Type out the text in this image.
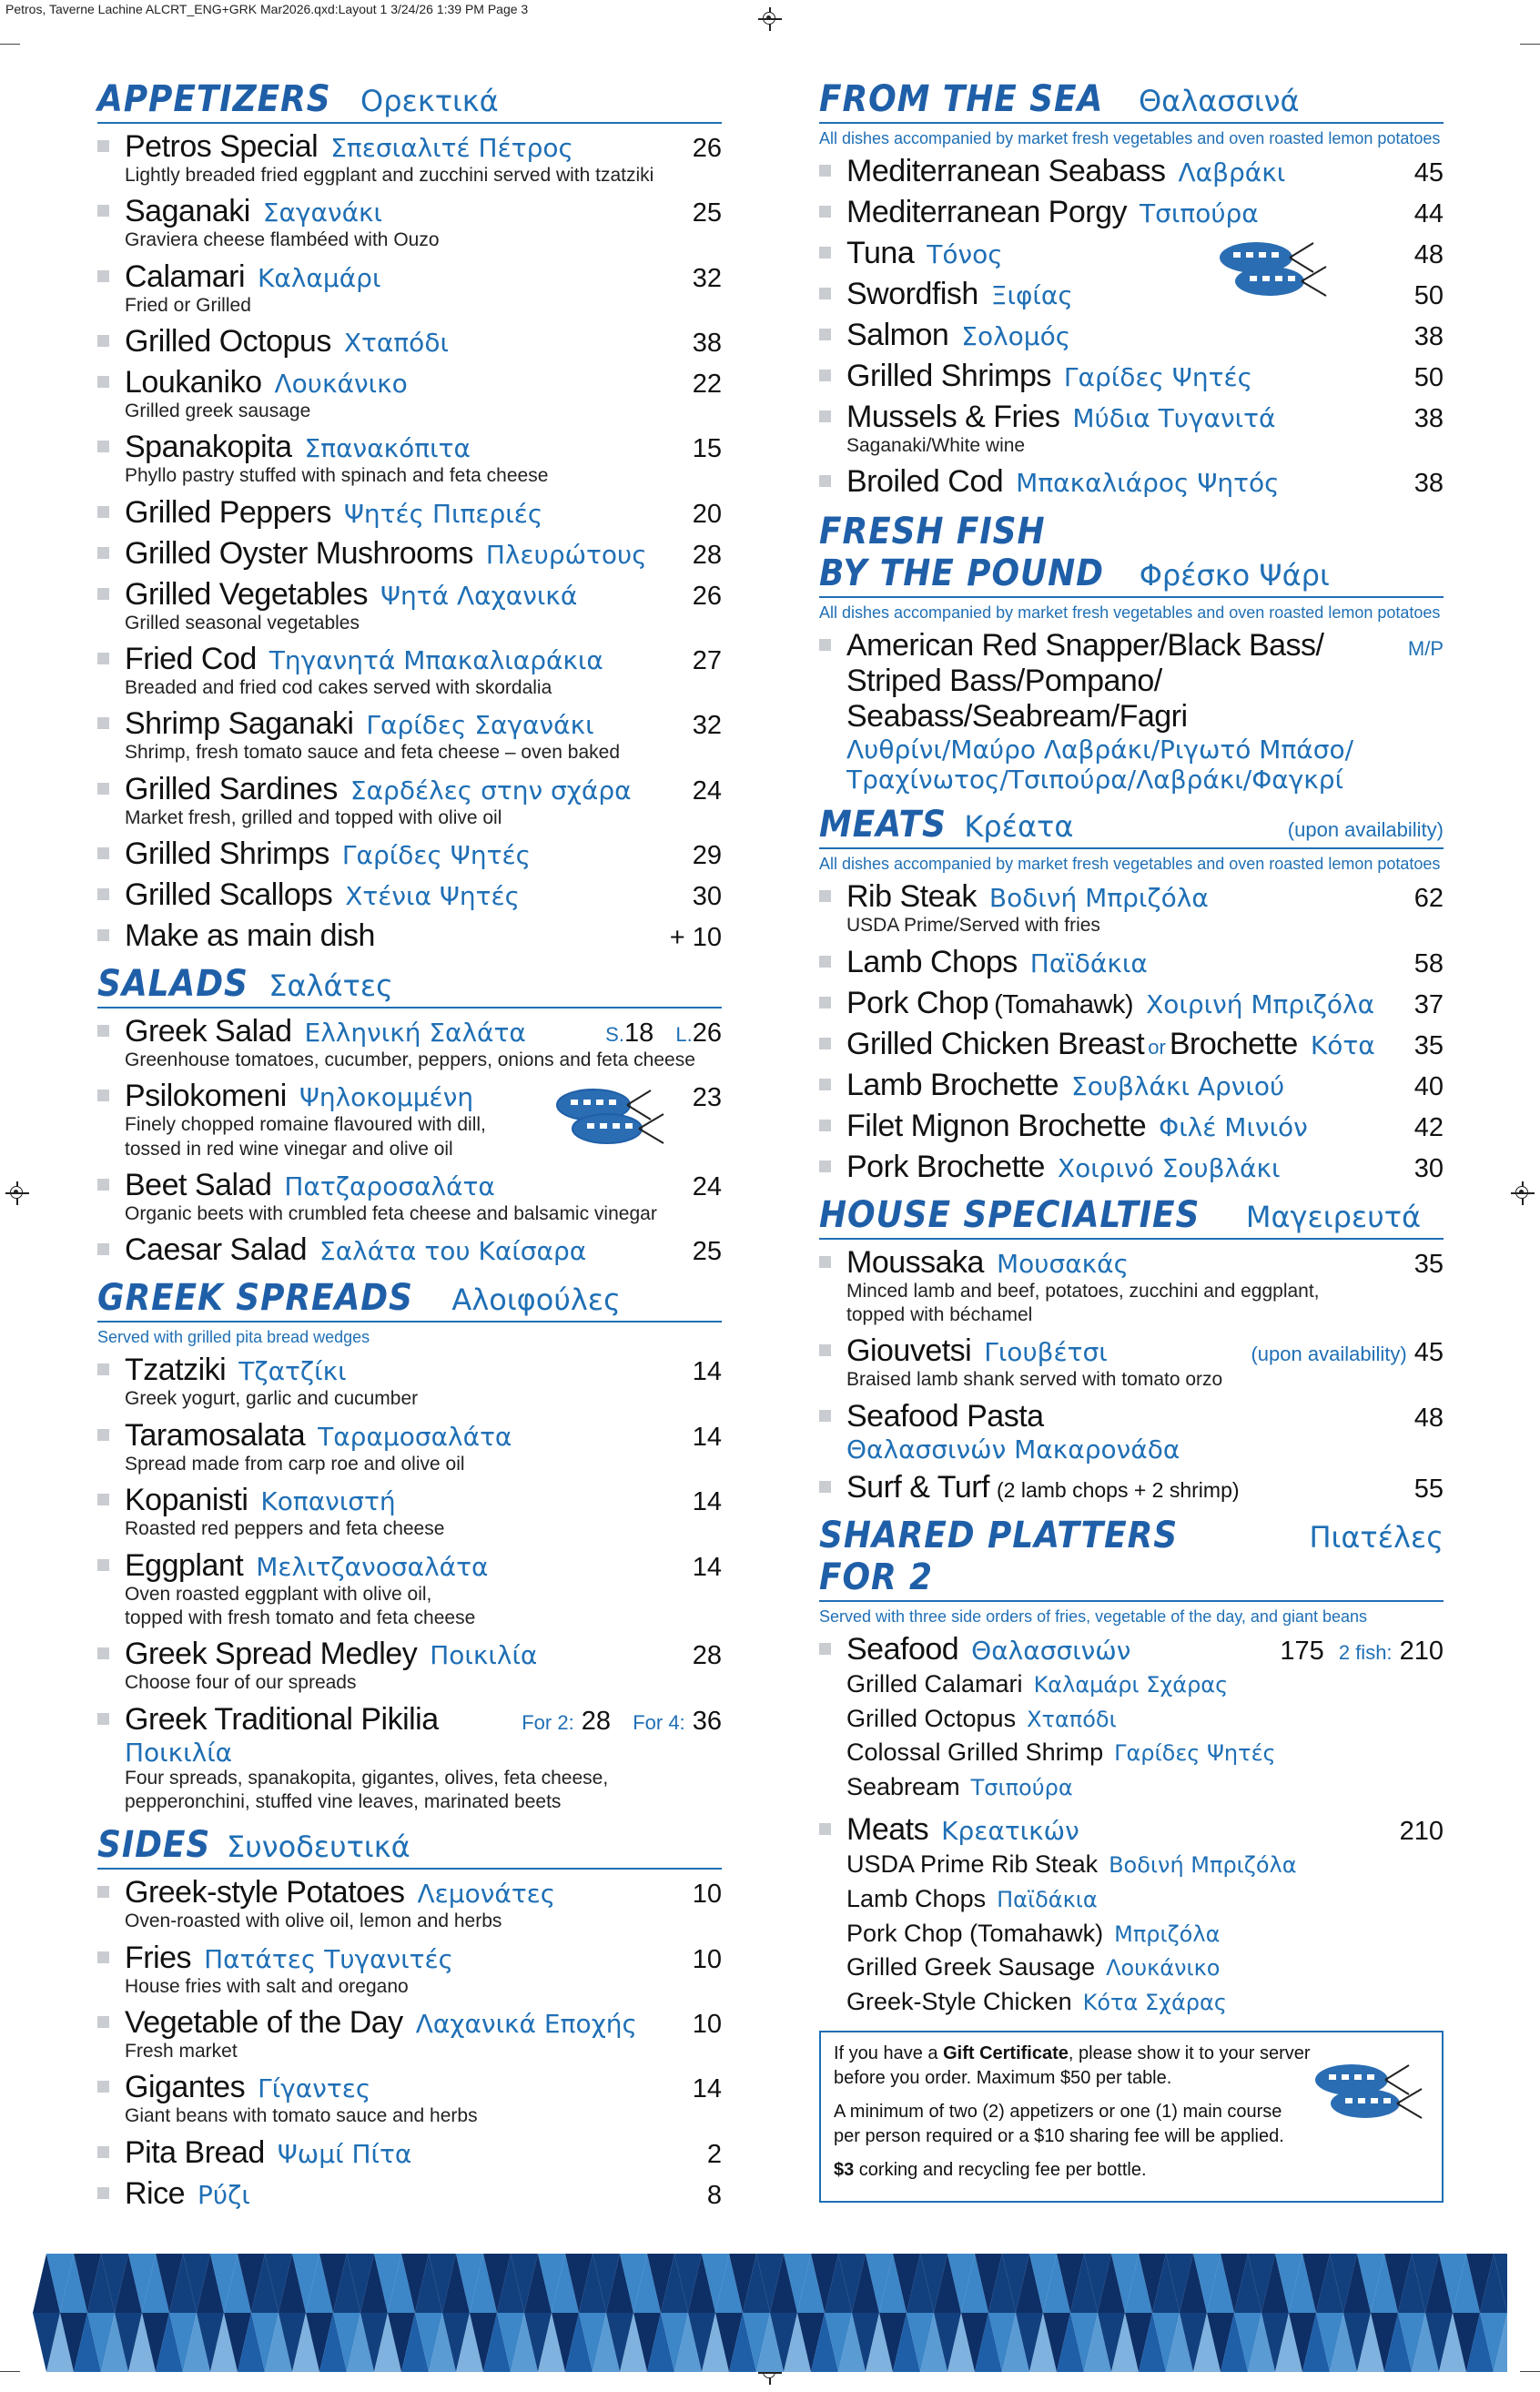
Petros, Taverne Lachine ALCRT_ENG+GRK Mar2026.qxd:Layout 1 3/24/26 1:39 PM Page 3
APPETIZERS Ορεκτικά
Petros Special Σπεσιαλιτέ Πέτρος	26
Lightly breaded fried eggplant and zucchini served with tzatziki
Saganaki Σαγανάκι	25
Graviera cheese flambéed with Ouzo
Calamari Καλαμάρι	32
Fried or Grilled
Grilled Octopus Χταπόδι	38
Loukaniko Λουκάνικο	22
Grilled greek sausage
Spanakopita Σπανακόπιτα	15
Phyllo pastry stuffed with spinach and feta cheese
Grilled Peppers Ψητές Πιπεριές	20
Grilled Oyster Mushrooms Πλευρώτους 28
Grilled Vegetables Ψητά Λαχανικά	26
Grilled seasonal vegetables
Fried Cod Τηγανητά Μπακαλιαράκια	27
Breaded and fried cod cakes served with skordalia
Shrimp Saganaki Γαρίδες Σαγανάκι	32
Shrimp, fresh tomato sauce and feta cheese – oven baked
Grilled Sardines Σαρδέλες στην σχάρα 24
Market fresh, grilled and topped with olive oil
Grilled Shrimps Γαρίδες Ψητές	29
Grilled Scallops Χτένια Ψητές	30
Make as main dish	+ 10
SALADS Σαλάτες
Greek Salad Ελληνική Σαλάτα	S.18 L.26
Greenhouse tomatoes, cucumber, peppers, onions and feta cheese
Psilokomeni Ψηλοκομμένη	23
Finely chopped romaine flavoured with dill,
tossed in red wine vinegar and olive oil
Beet Salad Πατζαροσαλάτα	24
Organic beets with crumbled feta cheese and balsamic vinegar
Caesar Salad Σαλάτα του Καίσαρα	25
GREEK SPREADS Αλοιφούλες
Served with grilled pita bread wedges
Tzatziki Τζατζίκι	14
Greek yogurt, garlic and cucumber
Taramosalata Ταραμοσαλάτα	14
Spread made from carp roe and olive oil
Kopanisti Κοπανιστή	14
Roasted red peppers and feta cheese
Eggplant Μελιτζανοσαλάτα	14
Oven roasted eggplant with olive oil,
topped with fresh tomato and feta cheese
Greek Spread Medley Ποικιλία	28
Choose four of our spreads
Greek Traditional Pikilia	For 2: 28 For 4: 36
Ποικιλία
Four spreads, spanakopita, gigantes, olives, feta cheese,
pepperonchini, stuffed vine leaves, marinated beets
SIDES Συνοδευτικά
Greek-style Potatoes Λεμονάτες	10
Oven-roasted with olive oil, lemon and herbs
Fries Πατάτες Τυγανιτές	10
House fries with salt and oregano
Vegetable of the Day Λαχανικά Εποχής 10
Fresh market
Gigantes Γίγαντες	14
Giant beans with tomato sauce and herbs
Pita Bread Ψωμί Πίτα	2
Rice Ρύζι	8
FROM THE SEA Θαλασσινά
All dishes accompanied by market fresh vegetables and oven roasted lemon potatoes
Mediterranean Seabass Λαβράκι	45
Mediterranean Porgy Τσιπούρα	44
Tuna Τόνος	48
Swordfish Ξιφίας	50
Salmon Σολομός	38
Grilled Shrimps Γαρίδες Ψητές	50
Mussels & Fries Μύδια Τυγανιτά	38
Saganaki/White wine
Broiled Cod Μπακαλιάρος Ψητός	38
FRESH FISH
BY THE POUND Φρέσκο Ψάρι
All dishes accompanied by market fresh vegetables and oven roasted lemon potatoes
American Red Snapper/Black Bass/	M/P
Striped Bass/Pompano/
Seabass/Seabream/Fagri
Λυθρίνι/Μαύρο Λαβράκι/Ριγωτό Μπάσο/
Τραχίνωτος/Τσιπούρα/Λαβράκι/Φαγκρί
MEATS Κρέατα	(upon availability)
All dishes accompanied by market fresh vegetables and oven roasted lemon potatoes
Rib Steak Βοδινή Μπριζόλα	62
USDA Prime/Served with fries
Lamb Chops Παϊδάκια	58
Pork Chop (Tomahawk) Χοιρινή Μπριζόλα 37
Grilled Chicken Breast or Brochette Κότα 35
Lamb Brochette Σουβλάκι Αρνιού	40
Filet Mignon Brochette Φιλέ Μινιόν	42
Pork Brochette Χοιρινό Σουβλάκι	30
HOUSE SPECIALTIES Μαγειρευτά
Moussaka Μουσακάς	35
Minced lamb and beef, potatoes, zucchini and eggplant,
topped with béchamel
Giouvetsi Γιουβέτσι	(upon availability) 45
Braised lamb shank served with tomato orzo
Seafood Pasta	48
Θαλασσινών Μακαρονάδα
Surf & Turf (2 lamb chops + 2 shrimp)	55
SHARED PLATTERS FOR 2
Πιατέλες
Served with three side orders of fries, vegetable of the day, and giant beans
Seafood Θαλασσινών	175 2 fish: 210
Grilled Calamari Καλαμάρι Σχάρας
Grilled Octopus Χταπόδι
Colossal Grilled Shrimp Γαρίδες Ψητές
Seabream Τσιπούρα
Meats Κρεατικών	210
USDA Prime Rib Steak Βοδινή Μπριζόλα
Lamb Chops Παϊδάκια
Pork Chop (Tomahawk) Μπριζόλα
Grilled Greek Sausage Λουκάνικο
Greek-Style Chicken Κότα Σχάρας

If you have a Gift Certificate, please show it to your server
before you order. Maximum $50 per table.

A minimum of two (2) appetizers or one (1) main course
per person required or a $10 sharing fee will be applied.

$3 corking and recycling fee per bottle.
